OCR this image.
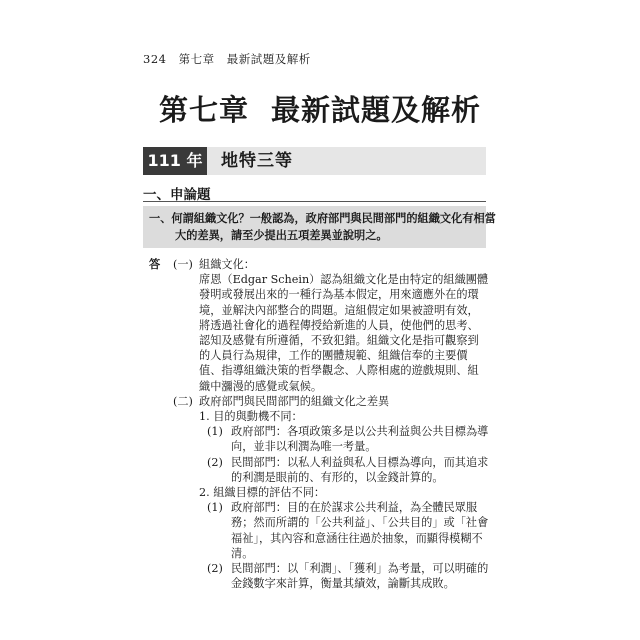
324 第七章 最新試題及解析
第七章 最新試題及解析
111 年 地特三等
一、申論題
一、何謂組織文化？一般認為，政府部門與民間部門的組織文化有相當大的差異，請至少提出五項差異並說明之。
答 (一) 組織文化：
席恩（Edgar Schein）認為組織文化是由特定的組織團體發明或發展出來的一種行為基本假定，用來適應外在的環境，並解決內部整合的問題。這組假定如果被證明有效，將透過社會化的過程傳授給新進的人員，使他們的思考、認知及感覺有所遵循，不致犯錯。組織文化是指可觀察到的人員行為規律，工作的團體規範、組織信奉的主要價值、指導組織決策的哲學觀念、人際相處的遊戲規則、組織中瀰漫的感覺或氣候。
(二) 政府部門與民間部門的組織文化之差異
1. 目的與動機不同：
(1) 政府部門：各項政策多是以公共利益與公共目標為導向，並非以利潤為唯一考量。
(2) 民間部門：以私人利益與私人目標為導向，而其追求的利潤是眼前的、有形的，以金錢計算的。
2. 組織目標的評估不同：
(1) 政府部門：目的在於謀求公共利益，為全體民眾服務；然而所謂的「公共利益」、「公共目的」或「社會福祉」，其內容和意涵往往過於抽象，而顯得模糊不清。
(2) 民間部門：以「利潤」、「獲利」為考量，可以明確的金錢數字來計算，衡量其績效，論斷其成敗。
